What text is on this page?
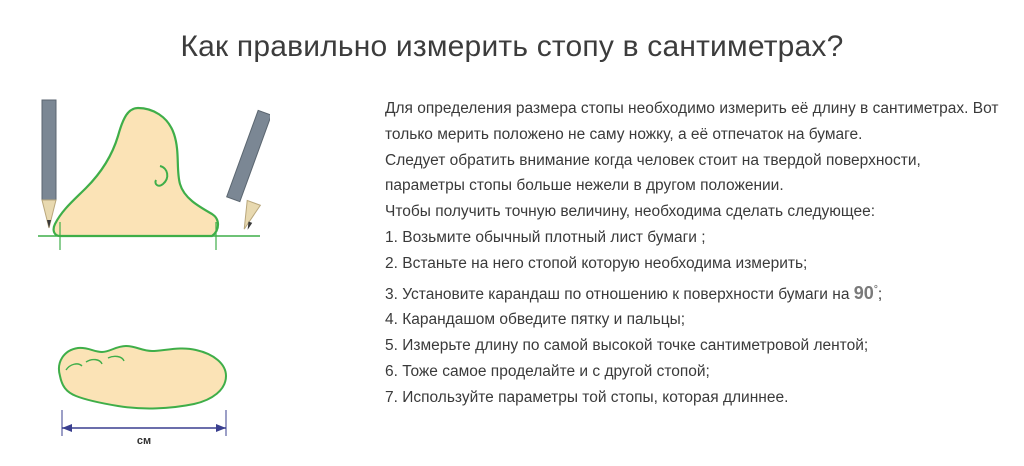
Как правильно измерить стопу в сантиметрах?
см

Для определения размера стопы необходимо измерить её длину в сантиметрах. Вот только мерить положено не саму ножку, а её отпечаток на бумаге.

Следует обратить внимание когда человек стоит на твердой поверхности, параметры стопы больше нежели в другом положении.

Чтобы получить точную величину, необходима сделать следующее:

1. Возьмите обычный плотный лист бумаги ;
2. Встаньте на него стопой которую необходима измерить;
3. Установите карандаш по отношению к поверхности бумаги на 90°;
4. Карандашом обведите пятку и пальцы;
5. Измерьте длину по самой высокой точке сантиметровой лентой;
6. Тоже самое проделайте и с другой стопой;
7. Используйте параметры той стопы, которая длиннее.
